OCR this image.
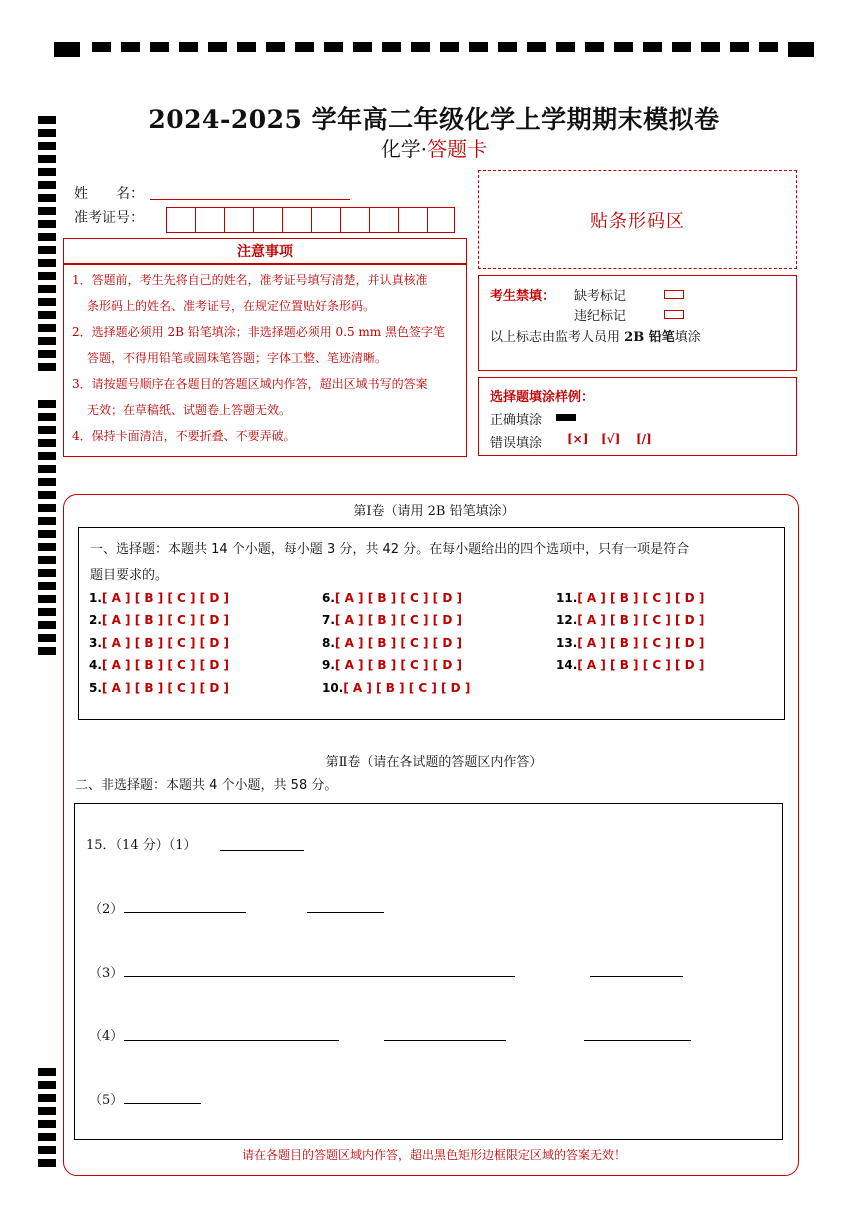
2024-2025 学年高二年级化学上学期期末模拟卷
化学·答题卡
姓　　名：
准考证号：	贴条形码区
注意事项
1．答题前，考生先将自己的姓名，准考证号填写清楚，并认真核准
条形码上的姓名、准考证号，在规定位置贴好条形码。
2．选择题必须用 2B 铅笔填涂；非选择题必须用 0.5 mm 黑色签字笔
答题，不得用铅笔或圆珠笔答题；字体工整、笔迹清晰。
3．请按题号顺序在各题目的答题区域内作答，超出区域书写的答案
无效；在草稿纸、试题卷上答题无效。
4．保持卡面清洁，不要折叠、不要弄破。
考生禁填： 缺考标记
违纪标记
以上标志由监考人员用 2B 铅笔填涂
选择题填涂样例：
正确填涂
错误填涂 [×] [√] [/]
第Ⅰ卷（请用 2B 铅笔填涂）
一、选择题：本题共 14 个小题，每小题 3 分，共 42 分。在每小题给出的四个选项中，只有一项是符合
题目要求的。
1.[ A ] [ B ] [ C ] [ D ]
2.[ A ] [ B ] [ C ] [ D ]
3.[ A ] [ B ] [ C ] [ D ]
4.[ A ] [ B ] [ C ] [ D ]
5.[ A ] [ B ] [ C ] [ D ]
6.[ A ] [ B ] [ C ] [ D ]
7.[ A ] [ B ] [ C ] [ D ]
8.[ A ] [ B ] [ C ] [ D ]
9.[ A ] [ B ] [ C ] [ D ]
10.[ A ] [ B ] [ C ] [ D ]
11.[ A ] [ B ] [ C ] [ D ]
12.[ A ] [ B ] [ C ] [ D ]
13.[ A ] [ B ] [ C ] [ D ]
14.[ A ] [ B ] [ C ] [ D ]
第Ⅱ卷（请在各试题的答题区内作答）
二、非选择题：本题共 4 个小题，共 58 分。
15．（14 分）（1）
（2）
（3）
（4）
（5）
请在各题目的答题区域内作答，超出黑色矩形边框限定区域的答案无效！
